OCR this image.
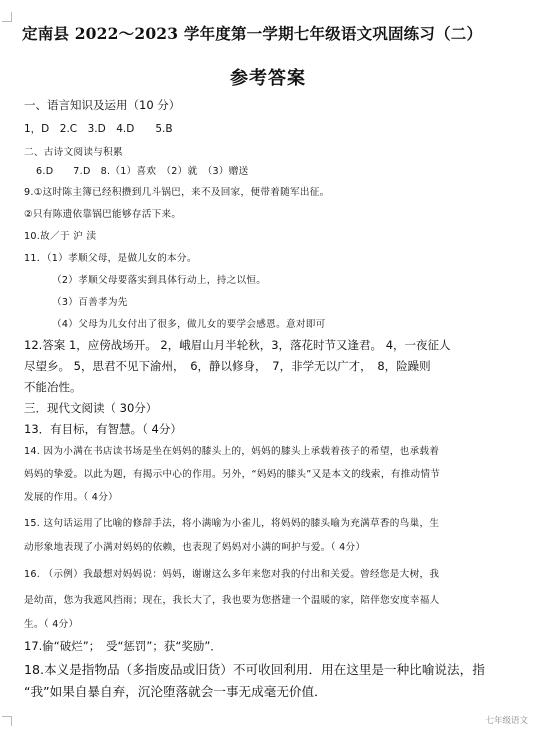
定南县 2022～2023 学年度第一学期七年级语文巩固练习（二）
参考答案
一、语言知识及运用（10 分）
1，D　2.C　3.D　4.D　　5.B
二、古诗文阅读与积累
6.D　　7.D　8.（1）喜欢　（2）就　（3）赠送
9.①这时陈主簿已经积攒到几斗锅巴，来不及回家，便带着随军出征。
②只有陈遗依靠锅巴能够存活下来。
10.故／于 沪 渎
11．（1）孝顺父母，是做儿女的本分。
（2）孝顺父母要落实到具体行动上，持之以恒。
（3）百善孝为先
（4）父母为儿女付出了很多，做儿女的要学会感恩。意对即可
12.答案 1，应傍战场开。 2，峨眉山月半轮秋，3，落花时节又逢君。 4，一夜征人
尽望乡。 5，思君不见下渝州，　6，静以修身，　7，非学无以广才，　8，险躁则
不能冶性。
三．现代文阅读（ 30分）
13．有目标，有智慧。（ 4分）
14. 因为小满在书店读书场是坐在妈妈的膝头上的，妈妈的膝头上承载着孩子的希望，也承载着
妈妈的挚爱。以此为题，有揭示中心的作用。另外，“妈妈的膝头”又是本文的线索，有推动情节
发展的作用。（ 4分）
15. 这句话运用了比喻的修辞手法，将小满喻为小雀儿，将妈妈的膝头喻为充满草香的鸟巢，生
动形象地表现了小满对妈妈的依赖，也表现了妈妈对小满的呵护与爱。（ 4分）
16. （示例）我最想对妈妈说：妈妈，谢谢这么多年来您对我的付出和关爱。曾经您是大树，我
是幼苗，您为我遮风挡雨；现在，我长大了，我也要为您搭建一个温暖的家，陪伴您安度幸福人
生。（ 4分）
17.偷“破烂”；　受“惩罚”；获“奖励”．
18.本义是指物品（多指废品或旧货）不可收回利用．用在这里是一种比喻说法，指
“我”如果自暴自弃，沉沦堕落就会一事无成毫无价值．
七年级语文
